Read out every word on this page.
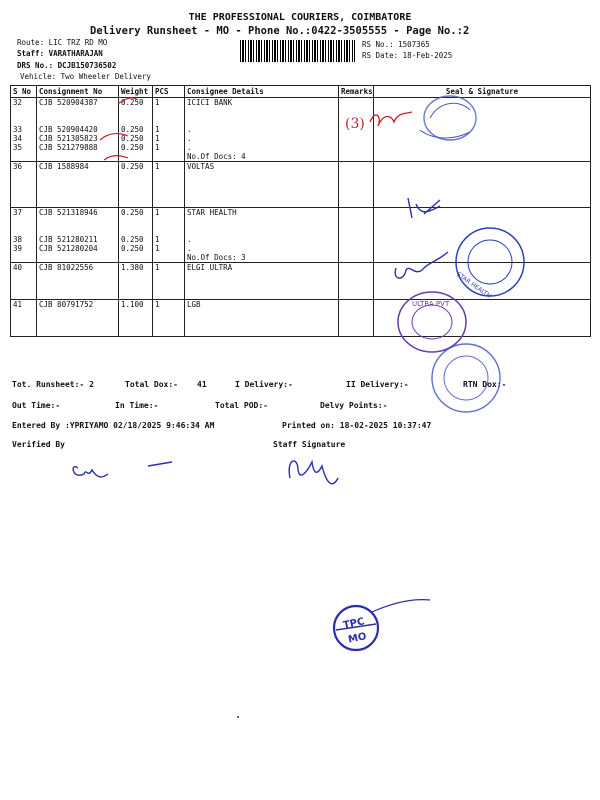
THE PROFESSIONAL COURIERS, COIMBATORE
Delivery Runsheet - MO - Phone No.:0422-3505555 - Page No.:2
Route: LIC TRZ RD MO
Staff: VARATHARAJAN
DRS No.: DCJB150736502
Vehicle: Two Wheeler Delivery
RS No.: 1507365
RS Date: 18-Feb-2025
S No	Consignment No	Weight	PCS	Consignee Details	Remarks	Seal & Signature

32	CJB 520904387	0.250	1	ICICI BANK		

33	CJB 520904420	0.250	1	.		

34	CJB 521305823	0.250	1	.		

35	CJB 521279888	0.250	1	.		

				No.Of Docs: 4		

36	CJB 1588984	0.250	1	VOLTAS		

37	CJB 521318946	0.250	1	STAR HEALTH		

38	CJB 521280211	0.250	1	.		

39	CJB 521280204	0.250	1	.		

				No.Of Docs: 3		

40	CJB 81022556	1.380	1	ELGI ULTRA		

41	CJB 80791752	1.100	1	LGB		

Tot. Runsheet:- 2	Total Dox:- 41	I Delivery:-	II Delivery:-	RTN Dox:-
Out Time:-	In Time:-	Total POD:-	Delvy Points:-
Entered By :YPRIYAMO 02/18/2025 9:46:34 AM	Printed on: 18-02-2025 10:37:47
Verified By	Staff Signature
(3)
STAR HEALTH
ULTRA PVT
TPC
MO
